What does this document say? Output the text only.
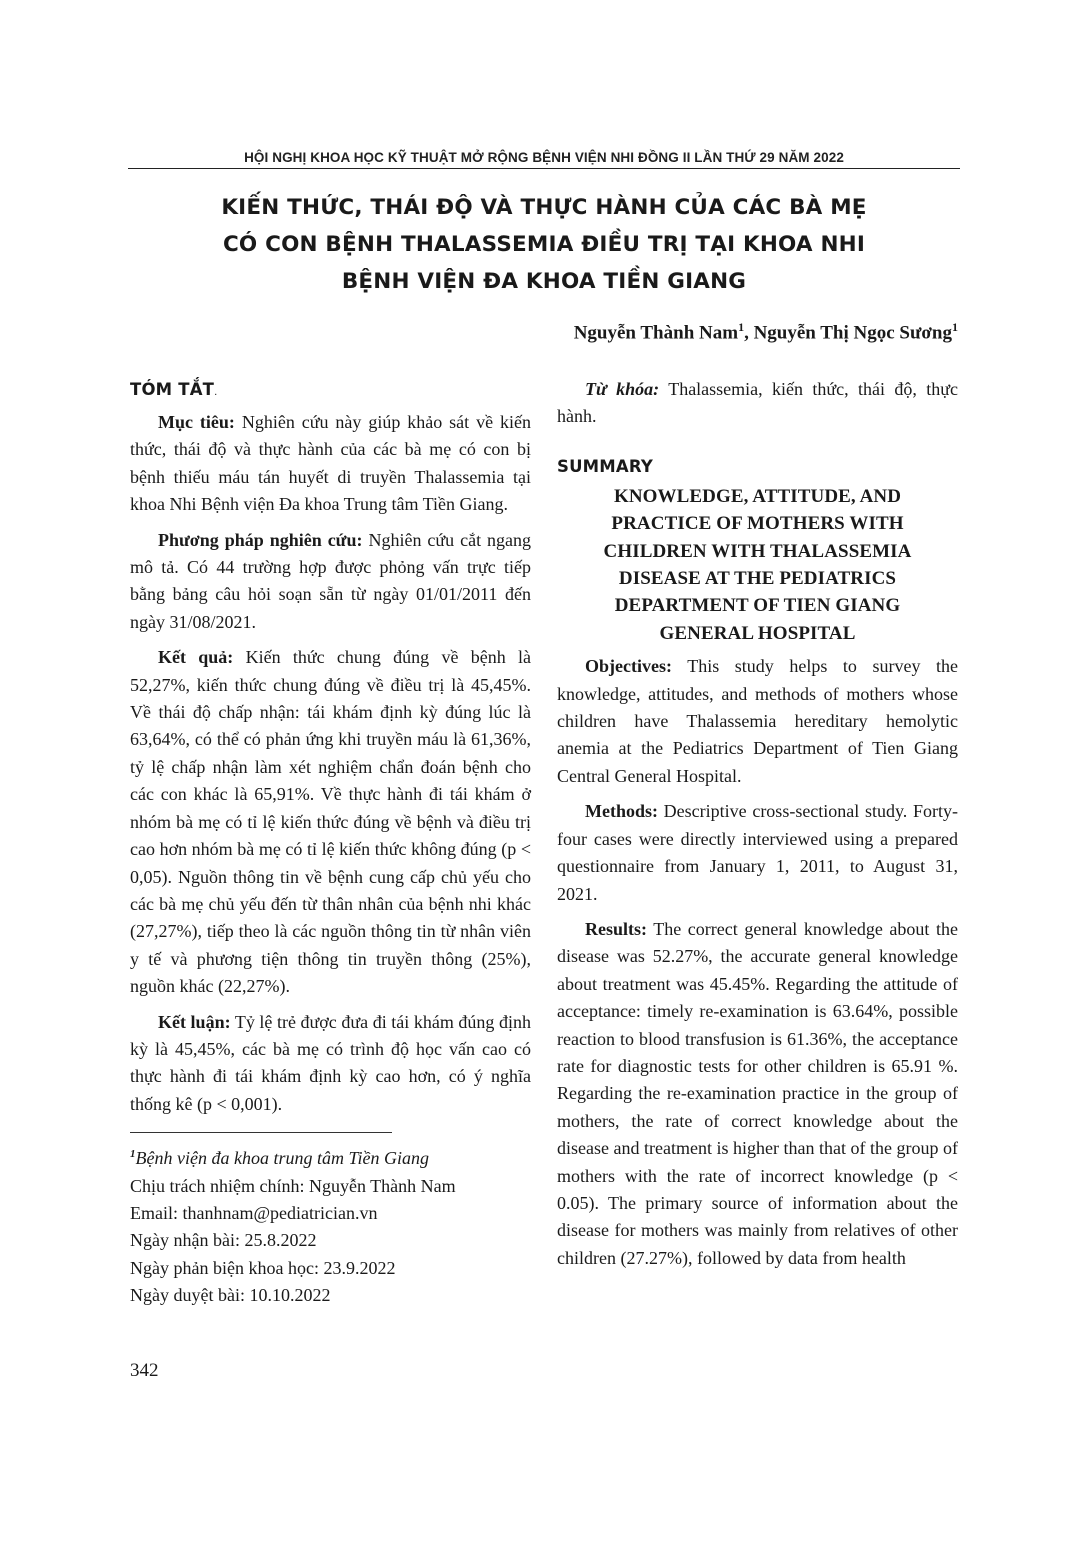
HỘI NGHỊ KHOA HỌC KỸ THUẬT MỞ RỘNG BỆNH VIỆN NHI ĐỒNG II LẦN THỨ 29 NĂM 2022
KIẾN THỨC, THÁI ĐỘ VÀ THỰC HÀNH CỦA CÁC BÀ MẸ
CÓ CON BỆNH THALASSEMIA ĐIỀU TRỊ TẠI KHOA NHI
BỆNH VIỆN ĐA KHOA TIỀN GIANG
Nguyễn Thành Nam$^1$, Nguyễn Thị Ngọc Sương$^1$
TÓM TẮT.

Mục tiêu: Nghiên cứu này giúp khảo sát về kiến thức, thái độ và thực hành của các bà mẹ có con bị bệnh thiếu máu tán huyết di truyền Thalassemia tại khoa Nhi Bệnh viện Đa khoa Trung tâm Tiền Giang.

Phương pháp nghiên cứu: Nghiên cứu cắt ngang mô tả. Có 44 trường hợp được phỏng vấn trực tiếp bằng bảng câu hỏi soạn sẵn từ ngày 01/01/2011 đến ngày 31/08/2021.

Kết quả: Kiến thức chung đúng về bệnh là 52,27%, kiến thức chung đúng về điều trị là 45,45%. Về thái độ chấp nhận: tái khám định kỳ đúng lúc là 63,64%, có thể có phản ứng khi truyền máu là 61,36%, tỷ lệ chấp nhận làm xét nghiệm chẩn đoán bệnh cho các con khác là 65,91%. Về thực hành đi tái khám ở nhóm bà mẹ có tỉ lệ kiến thức đúng về bệnh và điều trị cao hơn nhóm bà mẹ có tỉ lệ kiến thức không đúng (p < 0,05). Nguồn thông tin về bệnh cung cấp chủ yếu cho các bà mẹ chủ yếu đến từ thân nhân của bệnh nhi khác (27,27%), tiếp theo là các nguồn thông tin từ nhân viên y tế và phương tiện thông tin truyền thông (25%), nguồn khác (22,27%).

Kết luận: Tỷ lệ trẻ được đưa đi tái khám đúng định kỳ là 45,45%, các bà mẹ có trình độ học vấn cao có thực hành đi tái khám định kỳ cao hơn, có ý nghĩa thống kê (p < 0,001).

$^1$Bệnh viện đa khoa trung tâm Tiền Giang

Chịu trách nhiệm chính: Nguyễn Thành Nam

Email: thanhnam@pediatrician.vn

Ngày nhận bài: 25.8.2022

Ngày phản biện khoa học: 23.9.2022

Ngày duyệt bài: 10.10.2022

Từ khóa: Thalassemia, kiến thức, thái độ, thực hành.

SUMMARY
KNOWLEDGE, ATTITUDE, AND
PRACTICE OF MOTHERS WITH
CHILDREN WITH THALASSEMIA
DISEASE AT THE PEDIATRICS
DEPARTMENT OF TIEN GIANG
GENERAL HOSPITAL

Objectives: This study helps to survey the knowledge, attitudes, and methods of mothers whose children have Thalassemia hereditary hemolytic anemia at the Pediatrics Department of Tien Giang Central General Hospital.

Methods: Descriptive cross-sectional study. Forty-four cases were directly interviewed using a prepared questionnaire from January 1, 2011, to August 31, 2021.

Results: The correct general knowledge about the disease was 52.27%, the accurate general knowledge about treatment was 45.45%. Regarding the attitude of acceptance: timely re-examination is 63.64%, possible reaction to blood transfusion is 61.36%, the acceptance rate for diagnostic tests for other children is 65.91 %. Regarding the re-examination practice in the group of mothers, the rate of correct knowledge about the disease and treatment is higher than that of the group of mothers with the rate of incorrect knowledge (p < 0.05). The primary source of information about the disease for mothers was mainly from relatives of other children (27.27%), followed by data from health

342
